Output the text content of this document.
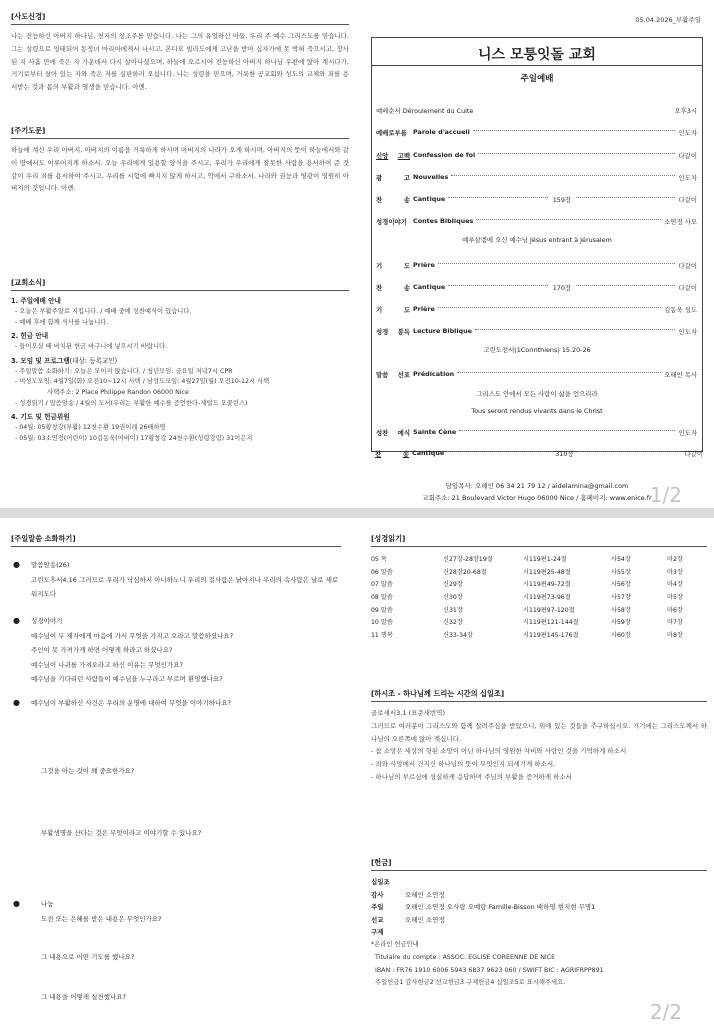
[사도신경]
나는 전능하신 아버지 하나님, 천지의 창조주를 믿습니다. 나는 그의 유일하신 아들, 우리 주 예수 그리스도를 믿습니다. 그는 성령으로 잉태되어 동정녀 마리아에게서 나시고, 본디오 빌라도에게 고난을 받아 십자가에 못 박혀 죽으시고, 장사된 지 사흘 만에 죽은 자 가운데서 다시 살아나셨으며, 하늘에 오르시어 전능하신 아버지 하나님 우편에 앉아 계시다가, 거기로부터 살아 있는 자와 죽은 자를 심판하러 오십니다. 나는 성령을 믿으며, 거룩한 공교회와 성도의 교제와 죄를 용서받는 것과 몸의 부활과 영생을 믿습니다. 아멘.
[주기도문]
하늘에 계신 우리 아버지, 아버지의 이름을 거룩하게 하시며 아버지의 나라가 오게 하시며, 아버지의 뜻이 하늘에서와 같이 땅에서도 이루어지게 하소서. 오늘 우리에게 일용할 양식을 주시고, 우리가 우리에게 잘못한 사람을 용서하여 준 것 같이 우리 죄를 용서하여 주시고, 우리를 시험에 빠지지 않게 하시고, 악에서 구하소서. 나라와 권능과 영광이 영원히 아버지의 것입니다. 아멘.
[교회소식]
1. 주일예배 안내
- 오늘은 부활주일로 지킵니다. / 예배 중에 성찬예식이 있습니다.
- 예배 후에 함께 식사를 나눕니다.
2. 헌금 안내
- 들어오실 때 비치된 헌금 바구니에 넣으시기 바랍니다.
3. 모임 및 프로그램(대상: 등록교인)
- 주일말씀 소화하기: 오늘은 모이지 않습니다. / 청년모임: 금요일 저녁7시 CPR
- 여성도모임: 4월7일(화) 오전10~12시 사택 / 남성도모임: 4월27일(월) 오전10-12시 사택
사택주소: 2 Place Philippe Randon 06000 Nice
- 성경읽기 / 말씀암송 / 4월의 도서(우리는 부활한 예수를 증언한다-제럴드 오콜린스)
4. 기도 및 헌금위원
- 04월: 05황창강(부활) 12천수환 19권이레 26배하영
- 05월: 03소연정(어린이) 10김동욱(어버이) 17황창강 24천수환(성령강림) 31이은지
05.04.2026_부활주일
니스 모퉁잇돌 교회
주일예배
예배순서 Déroulement du Culte	오후3시
예배로부름 Parole d'accueil	인도자
신앙 고백 Confession de foi	다같이
광	고 Nouvelles	인도자
찬	송 Cantique	159장	다같이
성경이야기 Contes Bibliques	소연정 사모
예루살렘에 오신 예수님 Jésus entrant à Jérusalem
기	도 Prière	다같이
찬	송 Cantique	170장	다같이
기	도 Prière	김동욱 성도
성경 봉독 Lecture Biblique	인도자
고린도전서(1Corinthiens) 15.20-26
말씀 선포 Prédication	오해인 목사
그리스도 안에서 모든 사람이 삶을 얻으리라
Tous seront rendus vivants dans le Christ
성찬 예식 Sainte Cène	인도자
찬	송 Cantique	310장	다같이
담임목사: 오해인 06 34 21 79 12 / aidelamina@gmail.com
교회주소: 21 Boulevard Victor Hugo 06000 Nice / 홈페이지: www.enice.fr
1/2
[주일말씀 소화하기]
●	말씀암송(26)
고린도후서4.16 그러므로 우리가 낙심하지 아니하노니 우리의 겉사람은 낡아지나 우리의 속사람은 날로 새로워지도다
●	성경이야기
예수님이 두 제자에게 마음에 가서 무엇을 가지고 오라고 말씀하셨나요?
주인이 못 가져가게 하면 어떻게 하라고 하셨나요?
예수님이 나귀를 가져오라고 하신 이유는 무엇인가요?
예수님을 기다리던 사람들이 예수님을 누구라고 부르며 환영했나요?
●	예수님이 부활하신 사건은 우리의 운명에 대하여 무엇을 이야기하나요?
그것을 아는 것이 왜 중요한가요?
부활생명을 산다는 것은 무엇이라고 이야기할 수 있나요?
●	나눔
도전 또는 은혜를 받은 내용은 무엇인가요?
그 내용으로 어떤 기도를 했나요?
그 내용을 어떻게 실천했나요?
[성경읽기]
05 목	신27장-28장19절	시119편1-24절	사54장	마2장
06 말씀	신28장20-68절	시119편25-48절	사55장	마3장
07 말씀	신29장	시119편49-72절	사56장	마4장
08 말씀	신30장	시119편73-96절	사57장	마5장
09 말씀	신31장	시119편97-120절	사58장	마6장
10 말씀	신32장	시119편121-144절	사59장	마7장
11 행복	신33-34장	시119편145-176절	사60장	마8장
[하시조 - 하나님께 드리는 시간의 십일조]
골로새서3.1 (표준새번역)
그러므로 여러분이 그리스도와 함께 살려주심을 받았으니, 위에 있는 것들을 추구하십시오. 거기에는 그리스도께서 하나님의 오른쪽에 앉아 계십니다.
- 참 소망은 세상의 헛된 소망이 아닌 하나님의 영원한 자비와 사랑인 것을 기억하게 하소서
- 죄와 사망에서 건지신 하나님의 뜻이 무엇인지 되새기게 하소서.
- 하나님의 부르심에 성실하게 응답하며 주님의 부활을 증거하게 하소서
[헌금]
십일조
감사	오해인 소연정
주일	오해인 소연정 오사랑 오예랑 Famille-Bisson 배하영 현지현 무명1
선교	오해인 소연정
구제
*온라인 헌금안내
Titulaire du compte : ASSOC. EGLISE COREENNE DE NICE
IBAN : FR76 1910 6006 5943 6837 9623 060 / SWIFT BIC : AGRIFRPP891
주일헌금1 감사헌금2 선교헌금3 구제헌금4 십일조5로 표시해주세요.
2/2
